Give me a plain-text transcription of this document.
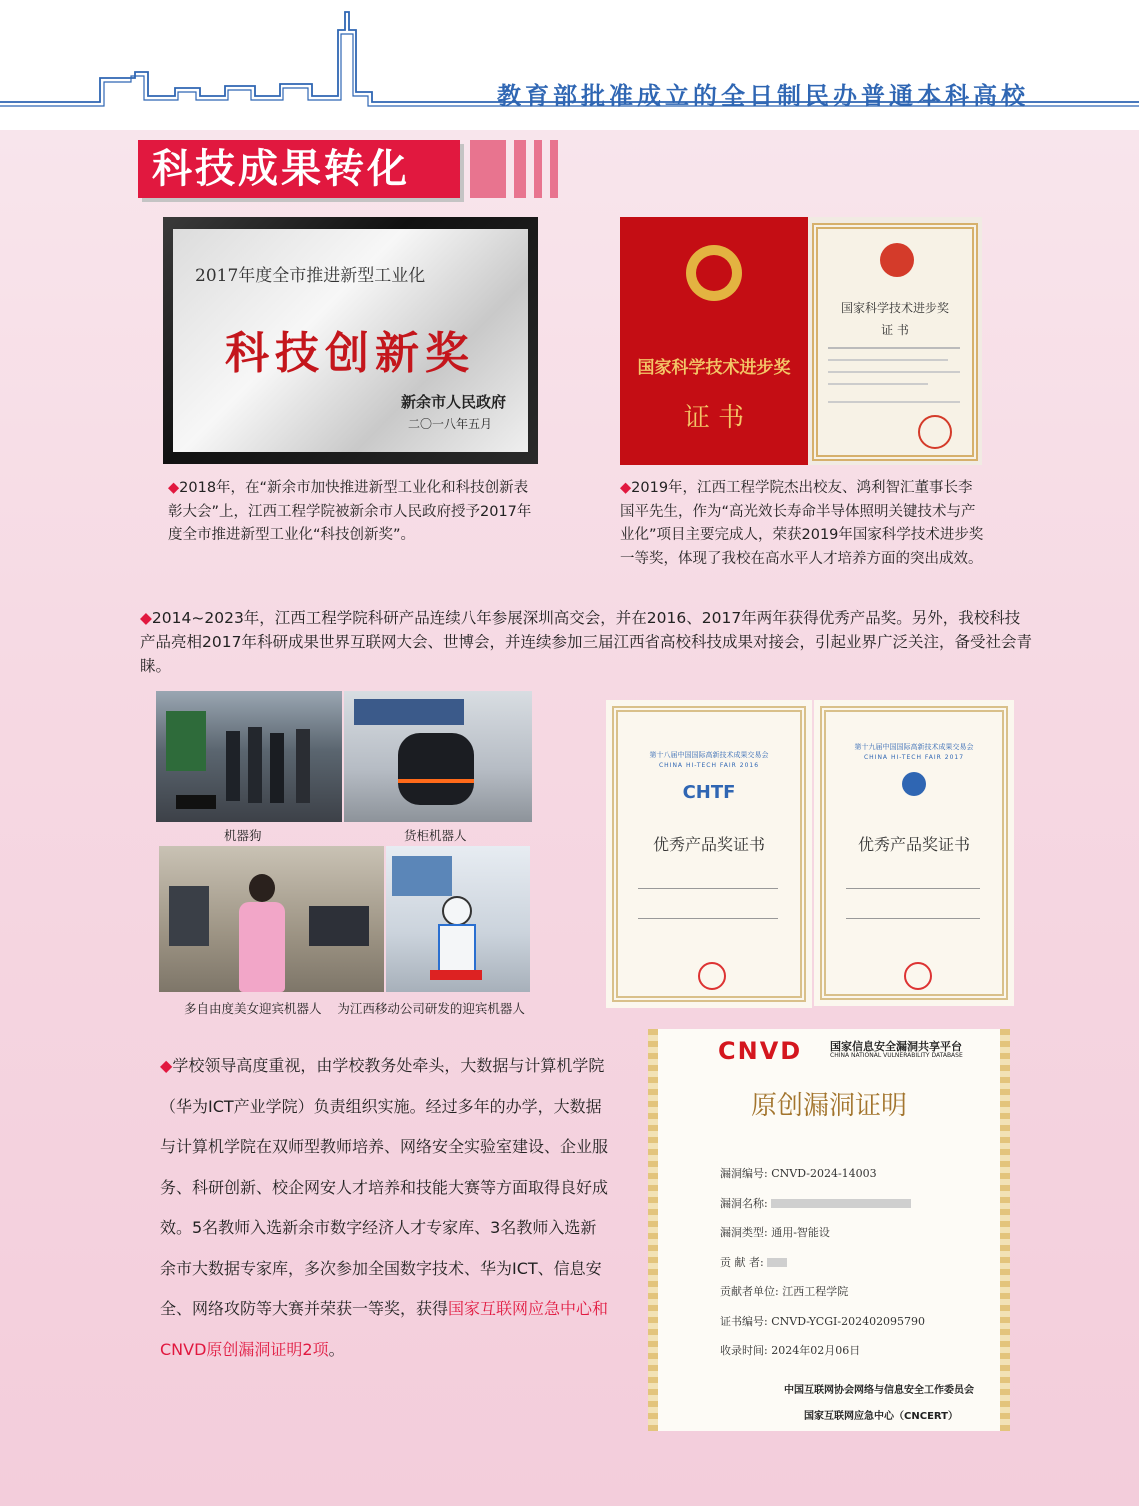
教育部批准成立的全日制民办普通本科高校
科技成果转化
2017年度全市推进新型工业化
科技创新奖
新余市人民政府
二〇一八年五月
国家科学技术进步奖
证 书
国家科学技术进步奖
证 书
◆2018年，在“新余市加快推进新型工业化和科技创新表彰大会”上，江西工程学院被新余市人民政府授予2017年度全市推进新型工业化“科技创新奖”。
◆2019年，江西工程学院杰出校友、鸿利智汇董事长李国平先生，作为“高光效长寿命半导体照明关键技术与产业化”项目主要完成人，荣获2019年国家科学技术进步奖一等奖，体现了我校在高水平人才培养方面的突出成效。
◆2014~2023年，江西工程学院科研产品连续八年参展深圳高交会，并在2016、2017年两年获得优秀产品奖。另外，我校科技产品亮相2017年科研成果世界互联网大会、世博会，并连续参加三届江西省高校科技成果对接会，引起业界广泛关注，备受社会青睐。
机器狗	货柜机器人
多自由度美女迎宾机器人    为江西移动公司研发的迎宾机器人
第十八届中国国际高新技术成果交易会
CHINA HI-TECH FAIR 2016
CHTF
优秀产品奖证书
第十九届中国国际高新技术成果交易会
CHINA HI-TECH FAIR 2017
优秀产品奖证书
◆学校领导高度重视，由学校教务处牵头，大数据与计算机学院（华为ICT产业学院）负责组织实施。经过多年的办学，大数据与计算机学院在双师型教师培养、网络安全实验室建设、企业服务、科研创新、校企网安人才培养和技能大赛等方面取得良好成效。5名教师入选新余市数字经济人才专家库、3名教师入选新余市大数据专家库，多次参加全国数字技术、华为ICT、信息安全、网络攻防等大赛并荣获一等奖，获得国家互联网应急中心和CNVD原创漏洞证明2项。
CNVD	国家信息安全漏洞共享平台
CHINA NATIONAL VULNERABILITY DATABASE
原创漏洞证明
漏洞编号: CNVD-2024-14003
漏洞名称:
漏洞类型: 通用-智能设
贡 献 者:
贡献者单位: 江西工程学院
证书编号: CNVD-YCGI-202402095790
收录时间: 2024年02月06日
中国互联网协会网络与信息安全工作委员会
国家互联网应急中心（CNCERT）
